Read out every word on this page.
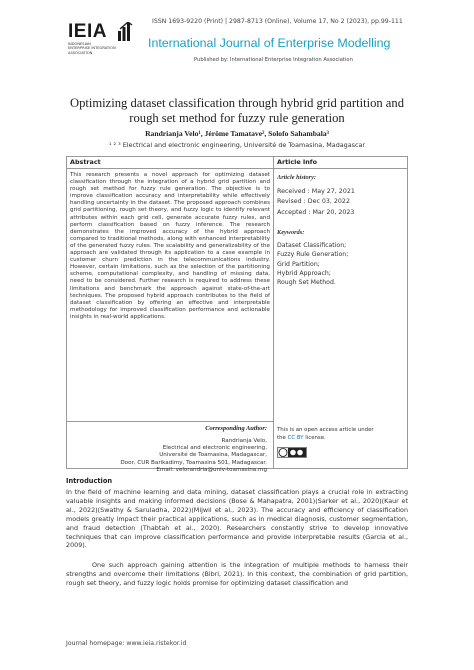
IEIA
INDONESIAN
ENTERPRISE INTEGRATION
ASSOCIATION
ISSN 1693-9220 (Print) | 2987-8713 (Online), Volume 17, No 2 (2023), pp.99-111
International Journal of Enterprise Modelling
Published by: International Enterprise Integration Association
Optimizing dataset classification through hybrid grid partition and rough set method for fuzzy rule generation
Randrianja Velo¹, Jérôme Tamatave², Solofo Sahambala³
¹ ² ³ Electrical and electronic engineering, Université de Toamasina, Madagascar
Abstract	Article Info
This research presents a novel approach for optimizing dataset classification through the integration of a hybrid grid partition and rough set method for fuzzy rule generation. The objective is to improve classification accuracy and interpretability while effectively handling uncertainty in the dataset. The proposed approach combines grid partitioning, rough set theory, and fuzzy logic to identify relevant attributes within each grid cell, generate accurate fuzzy rules, and perform classification based on fuzzy inference. The research demonstrates the improved accuracy of the hybrid approach compared to traditional methods, along with enhanced interpretability of the generated fuzzy rules. The scalability and generalizability of the approach are validated through its application to a case example in customer churn prediction in the telecommunications industry. However, certain limitations, such as the selection of the partitioning scheme, computational complexity, and handling of missing data, need to be considered. Further research is required to address these limitations and benchmark the approach against state-of-the-art techniques. The proposed hybrid approach contributes to the field of dataset classification by offering an effective and interpretable methodology for improved classification performance and actionable insights in real-world applications.
Corresponding Author:
Randrianja Velo,
Electrical and electronic engineering,
Université de Toamasina, Madagascar,
Door, CUR Barikadimy, Toamasina 501, Madagascar.
Email: velorandria@univ-toamasina.mg
Article history:
Received : May 27, 2021
Revised : Dec 03, 2022
Accepted : Mar 20, 2023
Keywords:
Dataset Classification;
Fuzzy Rule Generation;
Grid Partition;
Hybrid Approach;
Rough Set Method.
This is an open access article under
the CC BY license.
Introduction
In the field of machine learning and data mining, dataset classification plays a crucial role in extracting valuable insights and making informed decisions (Bose & Mahapatra, 2001)(Sarker et al., 2020)(Kaur et al., 2022)(Swathy & Saruladha, 2022)(Mijwil et al., 2023). The accuracy and efficiency of classification models greatly impact their practical applications, such as in medical diagnosis, customer segmentation, and fraud detection (Thabtah et al., 2020). Researchers constantly strive to develop innovative techniques that can improve classification performance and provide interpretable results (Garcia et al., 2009).
One such approach gaining attention is the integration of multiple methods to harness their strengths and overcome their limitations (Bibri, 2021). In this context, the combination of grid partition, rough set theory, and fuzzy logic holds promise for optimizing dataset classification and
Journal homepage: www.ieia.ristekor.id
